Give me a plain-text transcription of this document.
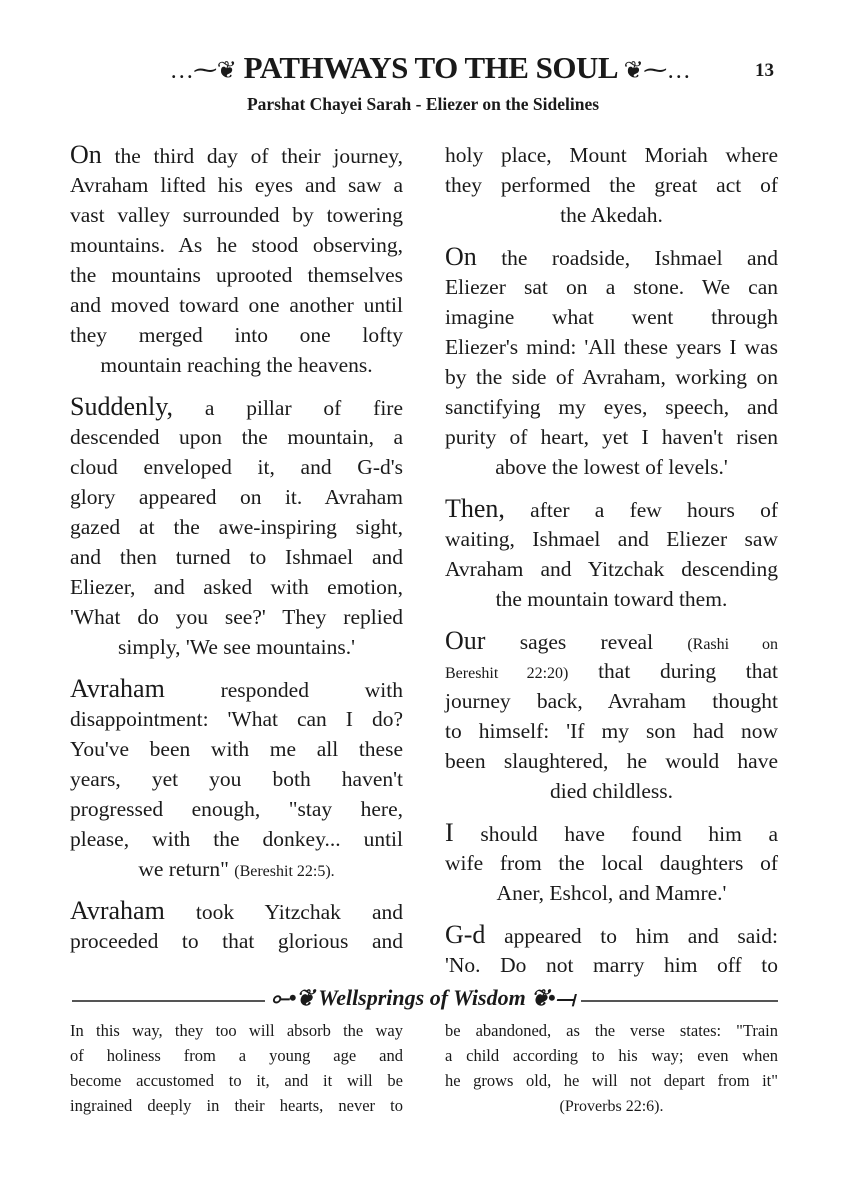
…⁓❦ PATHWAYS TO THE SOUL ❦⁓…	13
Parshat Chayei Sarah - Eliezer on the Sidelines
On the third day of their journey,
Avraham lifted his eyes and saw a
vast valley surrounded by towering
mountains. As he stood observing,
the mountains uprooted themselves
and moved toward one another until
they merged into one lofty
mountain reaching the heavens.
Suddenly, a pillar of fire
descended upon the mountain, a
cloud enveloped it, and G-d's
glory appeared on it. Avraham
gazed at the awe-inspiring sight,
and then turned to Ishmael and
Eliezer, and asked with emotion,
'What do you see?' They replied
simply, 'We see mountains.'
Avraham	responded with
disappointment: 'What can I do?
You've been with me all these
years, yet you both haven't
progressed enough, "stay here,
please, with the donkey... until
we return" (Bereshit 22:5).
Avraham took Yitzchak and
proceeded to that glorious and
holy place, Mount Moriah where
they performed the great act of
the Akedah.
On the roadside, Ishmael and
Eliezer sat on a stone. We can
imagine what went through
Eliezer's mind: 'All these years I was
by the side of Avraham, working on
sanctifying my eyes, speech, and
purity of heart, yet I haven't risen
above the lowest of levels.'
Then, after a few hours of
waiting, Ishmael and Eliezer saw
Avraham and Yitzchak descending
the mountain toward them.
Our sages reveal (Rashi on
Bereshit 22:20) that during that
journey back, Avraham thought
to himself: 'If my son had now
been slaughtered, he would have
died childless.
I should have found him a
wife from the local daughters of
Aner, Eshcol, and Mamre.'
G-d appeared to him and said:
'No. Do not marry him off to
⟜•❦ Wellsprings of Wisdom ❦•⟞
In this way, they too will absorb the way
of holiness from a young age and
become accustomed to it, and it will be
ingrained deeply in their hearts, never to
be abandoned, as the verse states: "Train
a child according to his way; even when
he grows old, he will not depart from it"
(Proverbs 22:6).
